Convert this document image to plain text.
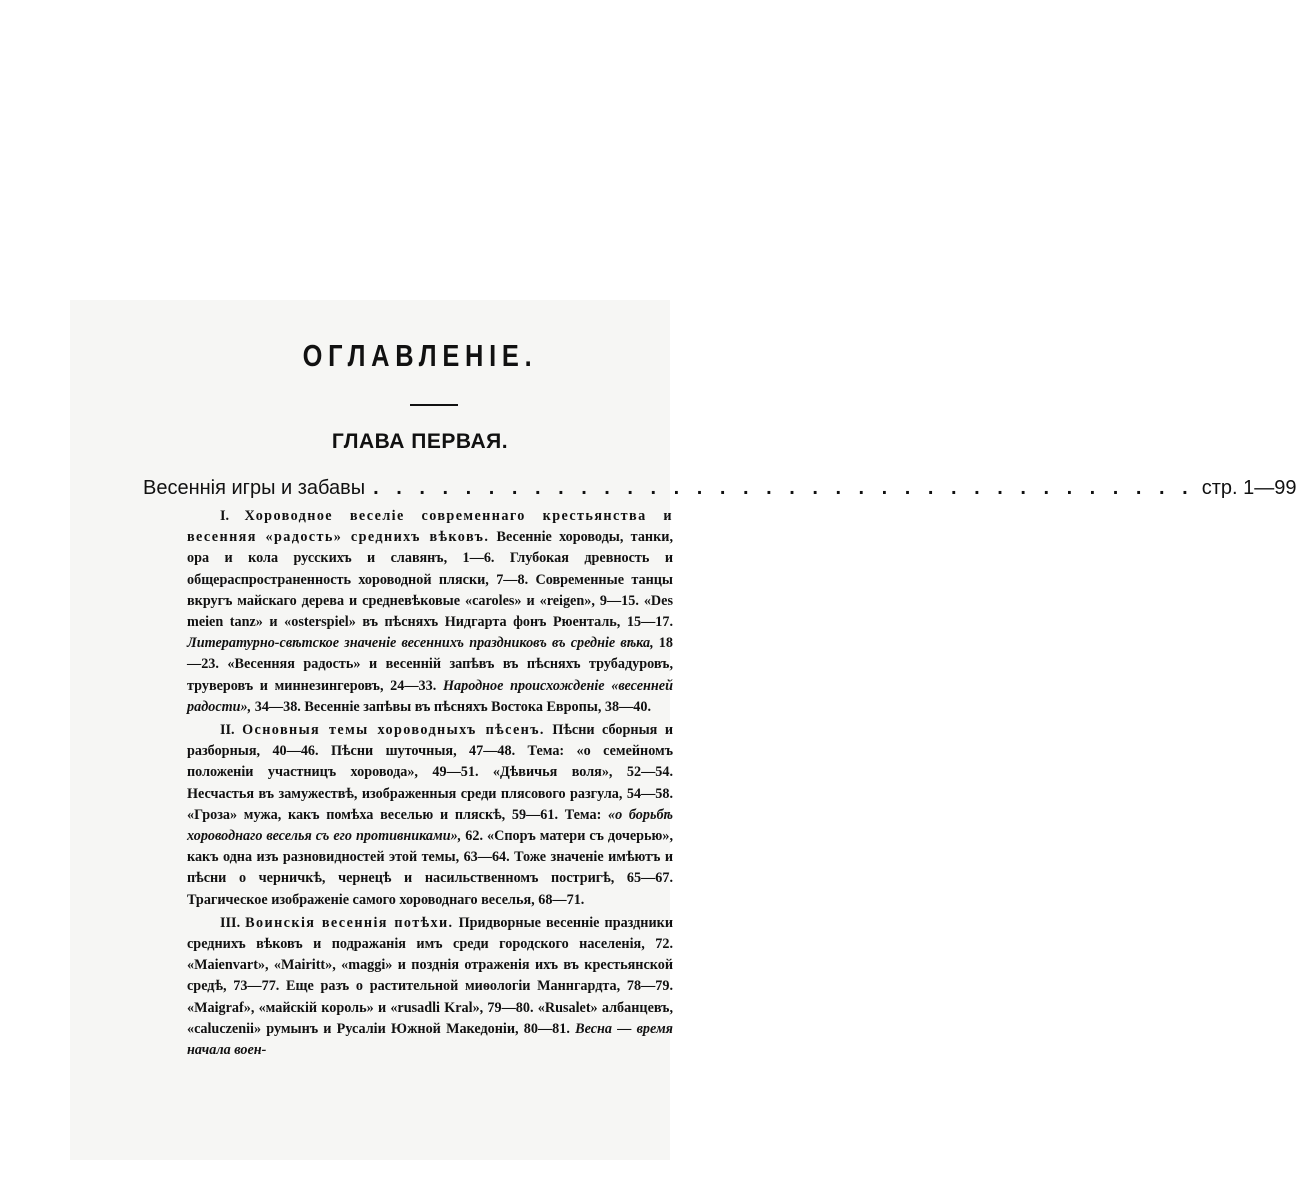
ОГЛАВЛЕНIЕ.
ГЛАВА ПЕРВАЯ.
Весеннія игры и забавы . . . . . . . . . . . . . . . . . . . . . . . . . . . . . . . . . . . . стр. 1—99

I. Хороводное веселіе современнаго крестьянства и весенняя «радость» среднихъ вѣковъ. Весеннiе хороводы, танки, ора и кола русскихъ и славянъ, 1—6. Глубокая древность и общераспространенность хороводной пляски, 7—8. Современные танцы вкругъ майскаго дерева и средневѣковые «caroles» и «reigen», 9—15. «Des meien tanz» и «osterspiel» въ пѣсняхъ Нидгарта фонъ Рюенталь, 15—17. Литературно-свѣтское значенiе весеннихъ праздниковъ въ среднiе вѣка, 18—23. «Весенняя радость» и весеннiй запѣвъ въ пѣсняхъ трубадуровъ, труверовъ и миннезингеровъ, 24—33. Народное происхожденiе «весенней радости», 34—38. Весеннiе запѣвы въ пѣсняхъ Востока Европы, 38—40.

II. Основныя темы хороводныхъ пѣсенъ. Пѣсни сборныя и разборныя, 40—46. Пѣсни шуточныя, 47—48. Тема: «о семейномъ положенiи участницъ хоровода», 49—51. «Дѣвичья воля», 52—54. Несчастья въ замужествѣ, изображенныя среди плясового разгула, 54—58. «Гроза» мужа, какъ помѣха веселью и пляскѣ, 59—61. Тема: «о борьбѣ хороводнаго веселья съ его противниками», 62. «Споръ матери съ дочерью», какъ одна изъ разновидностей этой темы, 63—64. Тоже значенiе имѣютъ и пѣсни о черничкѣ, чернецѣ и насильственномъ постригѣ, 65—67. Трагическое изображенiе самого хороводнаго веселья, 68—71.

III. Воинскія весеннія потѣхи. Придворные весеннiе праздники среднихъ вѣковъ и подражанiя имъ среди городского населенiя, 72. «Maienvart», «Mairitt», «maggi» и позднiя отраженiя ихъ въ крестьянской средѣ, 73—77. Еще разъ о растительной миѳологiи Маннгардта, 78—79. «Maigraf», «майскiй король» и «rusadli Kral», 79—80. «Rusalet» албанцевъ, «caluczenii» румынъ и Русалiи Южной Македонiи, 80—81. Весна — время начала воен-
